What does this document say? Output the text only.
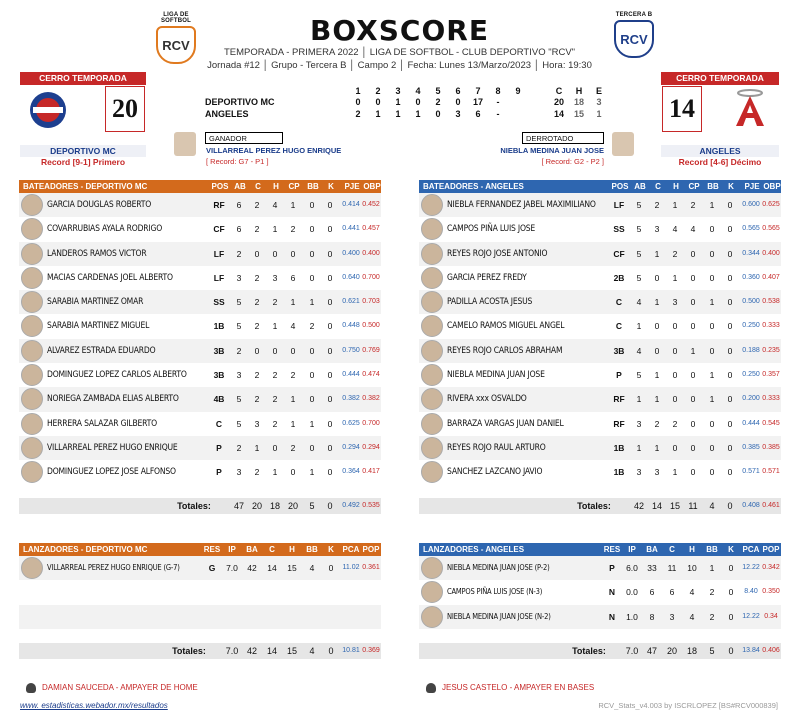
LIGA DE SOFTBOL
RCV
TERCERA B
RCV
BOXSCORE
TEMPORADA - PRIMERA 2022 │ LIGA DE SOFTBOL - CLUB DEPORTIVO "RCV"
Jornada #12 │ Grupo - Tercera B │ Campo 2 │ Fecha: Lunes 13/Marzo/2023 │ Hora: 19:30
CERRO TEMPORADA
20
DEPORTIVO MC
Record [9-1] Primero
CERRO TEMPORADA
14
ANGELES
Record [4-6] Décimo
1	2	3	4	5	6	7	8	9	C	H	E
DEPORTIVO MC	0	0	1	0	2	0	17	-	20 18	3
ANGELES	2	1	1	1	0	3	6	-	14 15	1
GANADOR
VILLARREAL PEREZ HUGO ENRIQUE
[ Record: G7 - P1 ]
DERROTADO
NIEBLA MEDINA JUAN JOSE
[ Record: G2 - P2 ]
BATEADORES - DEPORTIVO MC	POS AB	C	H	CP BB	K	PJE OBP
GARCIA DOUGLAS ROBERTO	RF	6	2	4	1	0	0	0.414 0.452
COVARRUBIAS AYALA RODRIGO	CF	6	2	1	2	0	0	0.441 0.457
LANDEROS RAMOS VICTOR	LF	2	0	0	0	0	0	0.400 0.400
MACIAS CARDENAS JOEL ALBERTO	LF	3	2	3	6	0	0	0.640 0.700
SARABIA MARTINEZ OMAR	SS	5	2	2	1	1	0	0.621 0.703
SARABIA MARTINEZ MIGUEL	1B	5	2	1	4	2	0	0.448 0.500
ALVAREZ ESTRADA EDUARDO	3B	2	0	0	0	0	0	0.750 0.769
DOMINGUEZ LOPEZ CARLOS ALBERTO	3B	3	2	2	2	0	0	0.444 0.474
NORIEGA ZAMBADA ELIAS ALBERTO	4B	5	2	2	1	0	0	0.382 0.382
HERRERA SALAZAR GILBERTO	C	5	3	2	1	1	0	0.625 0.700
VILLARREAL PEREZ HUGO ENRIQUE	P	2	1	0	2	0	0	0.294 0.294
DOMINGUEZ LOPEZ JOSE ALFONSO	P	3	2	1	0	1	0	0.364 0.417
Totales:	47 20 18 20	5	0	0.492 0.535
BATEADORES - ANGELES	POS AB	C	H	CP BB	K	PJE OBP
NIEBLA FERNANDEZ JABEL MAXIMILIANO	LF	5	2	1	2	1	0	0.600 0.625
CAMPOS PIÑA LUIS JOSE	SS	5	3	4	4	0	0	0.565 0.565
REYES ROJO JOSE ANTONIO	CF	5	1	2	0	0	0	0.344 0.400
GARCIA PEREZ FREDY	2B	5	0	1	0	0	0	0.360 0.407
PADILLA ACOSTA JESUS	C	4	1	3	0	1	0	0.500 0.538
CAMELO RAMOS MIGUEL ANGEL	C	1	0	0	0	0	0	0.250 0.333
REYES ROJO CARLOS ABRAHAM	3B	4	0	0	1	0	0	0.188 0.235
NIEBLA MEDINA JUAN JOSE	P	5	1	0	0	1	0	0.250 0.357
RIVERA xxx OSVALDO	RF	1	1	0	0	1	0	0.200 0.333
BARRAZA VARGAS JUAN DANIEL	RF	3	2	2	0	0	0	0.444 0.545
REYES ROJO RAUL ARTURO	1B	1	1	0	0	0	0	0.385 0.385
SANCHEZ LAZCANO JAVIO	1B	3	3	1	0	0	0	0.571 0.571
Totales:	42 14 15 11	4	0	0.408 0.461
LANZADORES - DEPORTIVO MC	RES	IP	BA	C	H	BB	K	PCA POP
VILLARREAL PEREZ HUGO ENRIQUE (G-7)	G	7.0	42	14	15	4	0	11.02 0.361
Totales:	7.0 42	14	15	4	0	10.81 0.369
LANZADORES - ANGELES	RES	IP	BA	C	H	BB	K	PCA POP
NIEBLA MEDINA JUAN JOSE (P-2)	P	6.0	33	11	10	1	0	12.22 0.342
CAMPOS PIÑA LUIS JOSE (N-3)	N	0.0	6	6	4	2	0	8.40 0.350
NIEBLA MEDINA JUAN JOSE (N-2)	N	1.0	8	3	4	2	0	12.22 0.34
Totales:	7.0 47	20	18	5	0	13.84 0.406
DAMIAN SAUCEDA - AMPAYER DE HOME	JESUS CASTELO - AMPAYER EN BASES
www. estadisticas.webador.mx/resultados	RCV_Stats_v4.003 by ISCRLOPEZ [BS#RCV000839]
